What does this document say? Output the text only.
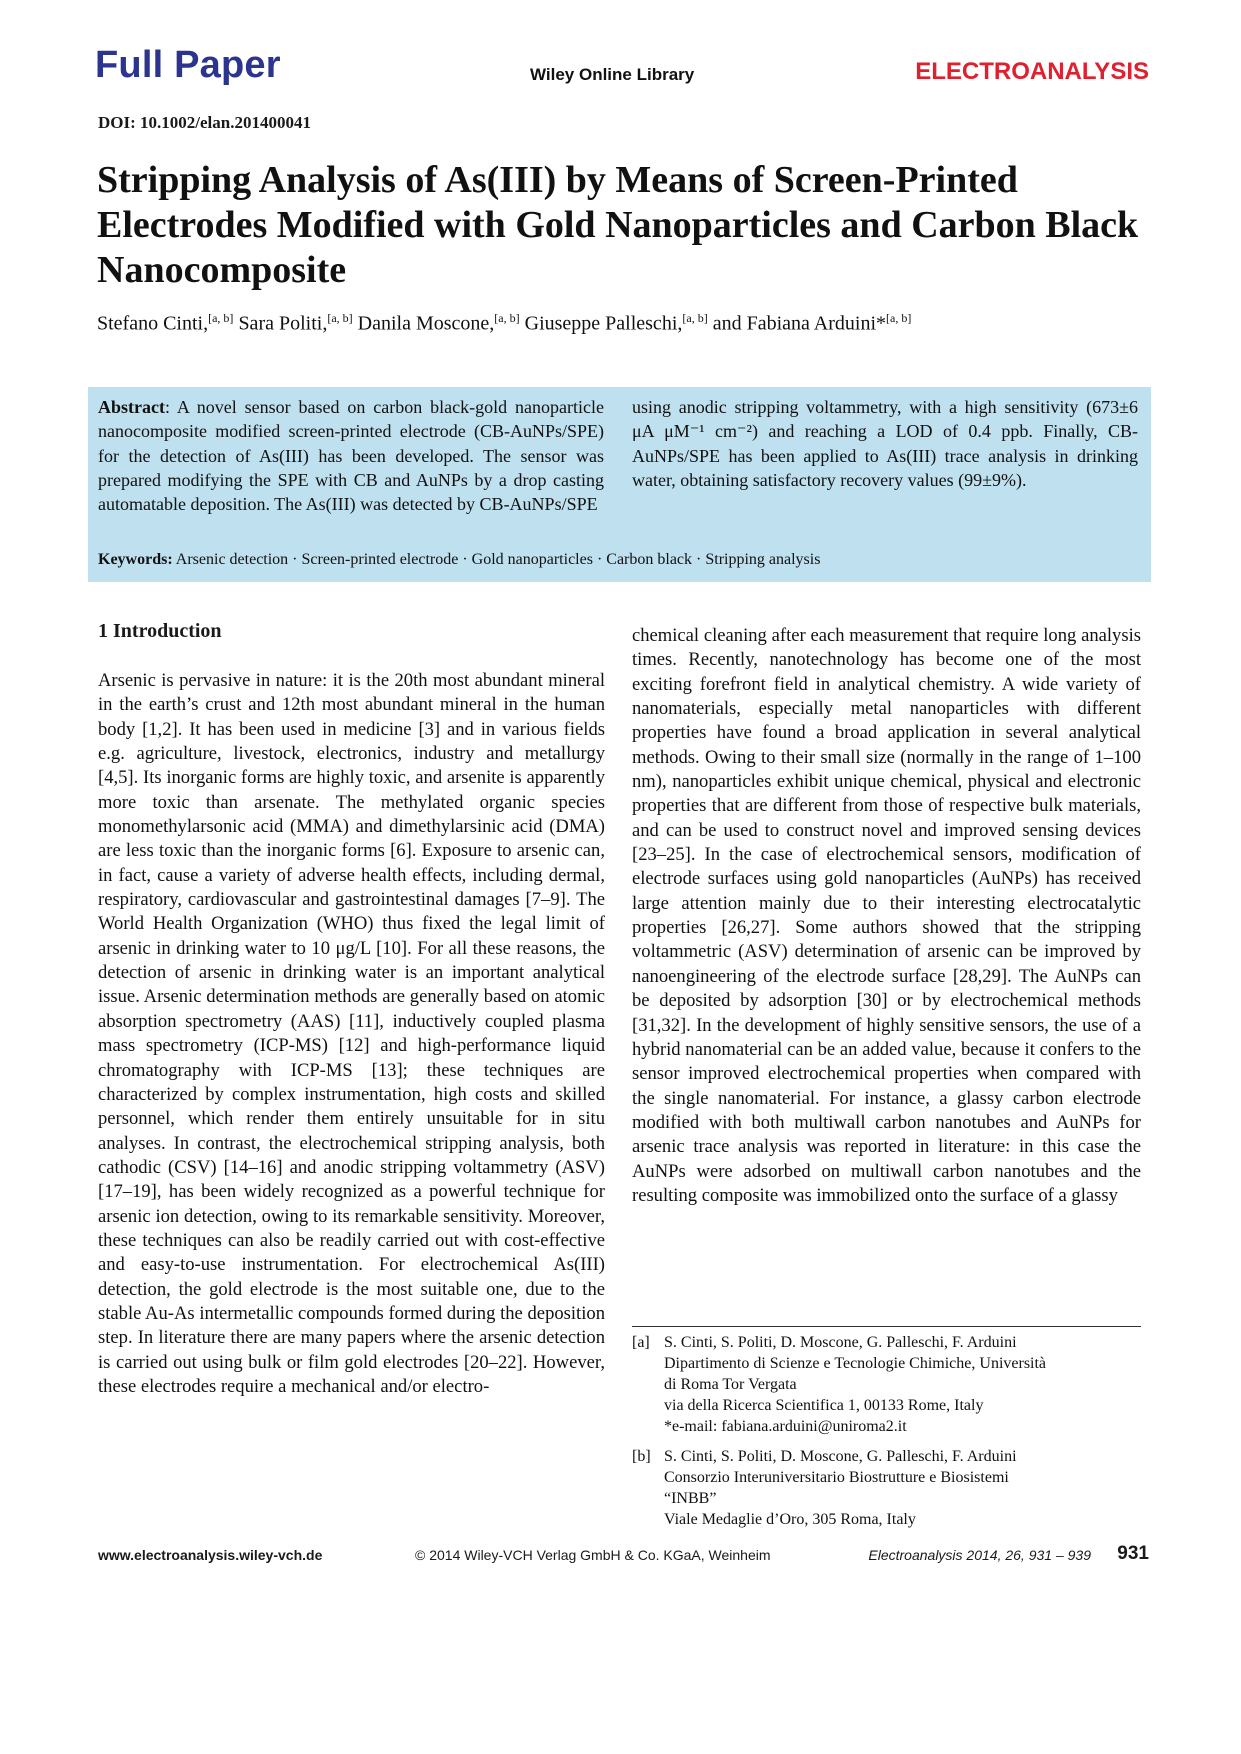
Full Paper	Wiley Online Library	ELECTROANALYSIS
DOI: 10.1002/elan.201400041
Stripping Analysis of As(III) by Means of Screen-Printed Electrodes Modified with Gold Nanoparticles and Carbon Black Nanocomposite
Stefano Cinti,[a, b] Sara Politi,[a, b] Danila Moscone,[a, b] Giuseppe Palleschi,[a, b] and Fabiana Arduini*[a, b]
Abstract: A novel sensor based on carbon black-gold nanoparticle nanocomposite modified screen-printed electrode (CB-AuNPs/SPE) for the detection of As(III) has been developed. The sensor was prepared modifying the SPE with CB and AuNPs by a drop casting automatable deposition. The As(III) was detected by CB-AuNPs/SPE
using anodic stripping voltammetry, with a high sensitivity (673±6 μA μM⁻¹ cm⁻²) and reaching a LOD of 0.4 ppb. Finally, CB-AuNPs/SPE has been applied to As(III) trace analysis in drinking water, obtaining satisfactory recovery values (99±9%).
Keywords: Arsenic detection · Screen-printed electrode · Gold nanoparticles · Carbon black · Stripping analysis
1 Introduction
Arsenic is pervasive in nature: it is the 20th most abundant mineral in the earth’s crust and 12th most abundant mineral in the human body [1,2]. It has been used in medicine [3] and in various fields e.g. agriculture, livestock, electronics, industry and metallurgy [4,5]. Its inorganic forms are highly toxic, and arsenite is apparently more toxic than arsenate. The methylated organic species monomethylarsonic acid (MMA) and dimethylarsinic acid (DMA) are less toxic than the inorganic forms [6]. Exposure to arsenic can, in fact, cause a variety of adverse health effects, including dermal, respiratory, cardiovascular and gastrointestinal damages [7–9]. The World Health Organization (WHO) thus fixed the legal limit of arsenic in drinking water to 10 μg/L [10]. For all these reasons, the detection of arsenic in drinking water is an important analytical issue. Arsenic determination methods are generally based on atomic absorption spectrometry (AAS) [11], inductively coupled plasma mass spectrometry (ICP-MS) [12] and high-performance liquid chromatography with ICP-MS [13]; these techniques are characterized by complex instrumentation, high costs and skilled personnel, which render them entirely unsuitable for in situ analyses. In contrast, the electrochemical stripping analysis, both cathodic (CSV) [14–16] and anodic stripping voltammetry (ASV) [17–19], has been widely recognized as a powerful technique for arsenic ion detection, owing to its remarkable sensitivity. Moreover, these techniques can also be readily carried out with cost-effective and easy-to-use instrumentation. For electrochemical As(III) detection, the gold electrode is the most suitable one, due to the stable Au-As intermetallic compounds formed during the deposition step. In literature there are many papers where the arsenic detection is carried out using bulk or film gold electrodes [20–22]. However, these electrodes require a mechanical and/or electro-
chemical cleaning after each measurement that require long analysis times. Recently, nanotechnology has become one of the most exciting forefront field in analytical chemistry. A wide variety of nanomaterials, especially metal nanoparticles with different properties have found a broad application in several analytical methods. Owing to their small size (normally in the range of 1–100 nm), nanoparticles exhibit unique chemical, physical and electronic properties that are different from those of respective bulk materials, and can be used to construct novel and improved sensing devices [23–25]. In the case of electrochemical sensors, modification of electrode surfaces using gold nanoparticles (AuNPs) has received large attention mainly due to their interesting electrocatalytic properties [26,27]. Some authors showed that the stripping voltammetric (ASV) determination of arsenic can be improved by nanoengineering of the electrode surface [28,29]. The AuNPs can be deposited by adsorption [30] or by electrochemical methods [31,32]. In the development of highly sensitive sensors, the use of a hybrid nanomaterial can be an added value, because it confers to the sensor improved electrochemical properties when compared with the single nanomaterial. For instance, a glassy carbon electrode modified with both multiwall carbon nanotubes and AuNPs for arsenic trace analysis was reported in literature: in this case the AuNPs were adsorbed on multiwall carbon nanotubes and the resulting composite was immobilized onto the surface of a glassy
[a] S. Cinti, S. Politi, D. Moscone, G. Palleschi, F. Arduini
Dipartimento di Scienze e Tecnologie Chimiche, Università
di Roma Tor Vergata
via della Ricerca Scientifica 1, 00133 Rome, Italy
*e-mail: fabiana.arduini@uniroma2.it
[b] S. Cinti, S. Politi, D. Moscone, G. Palleschi, F. Arduini
Consorzio Interuniversitario Biostrutture e Biosistemi
“INBB”
Viale Medaglie d’Oro, 305 Roma, Italy
www.electroanalysis.wiley-vch.de	© 2014 Wiley-VCH Verlag GmbH & Co. KGaA, Weinheim	Electroanalysis 2014, 26, 931 – 939 931
